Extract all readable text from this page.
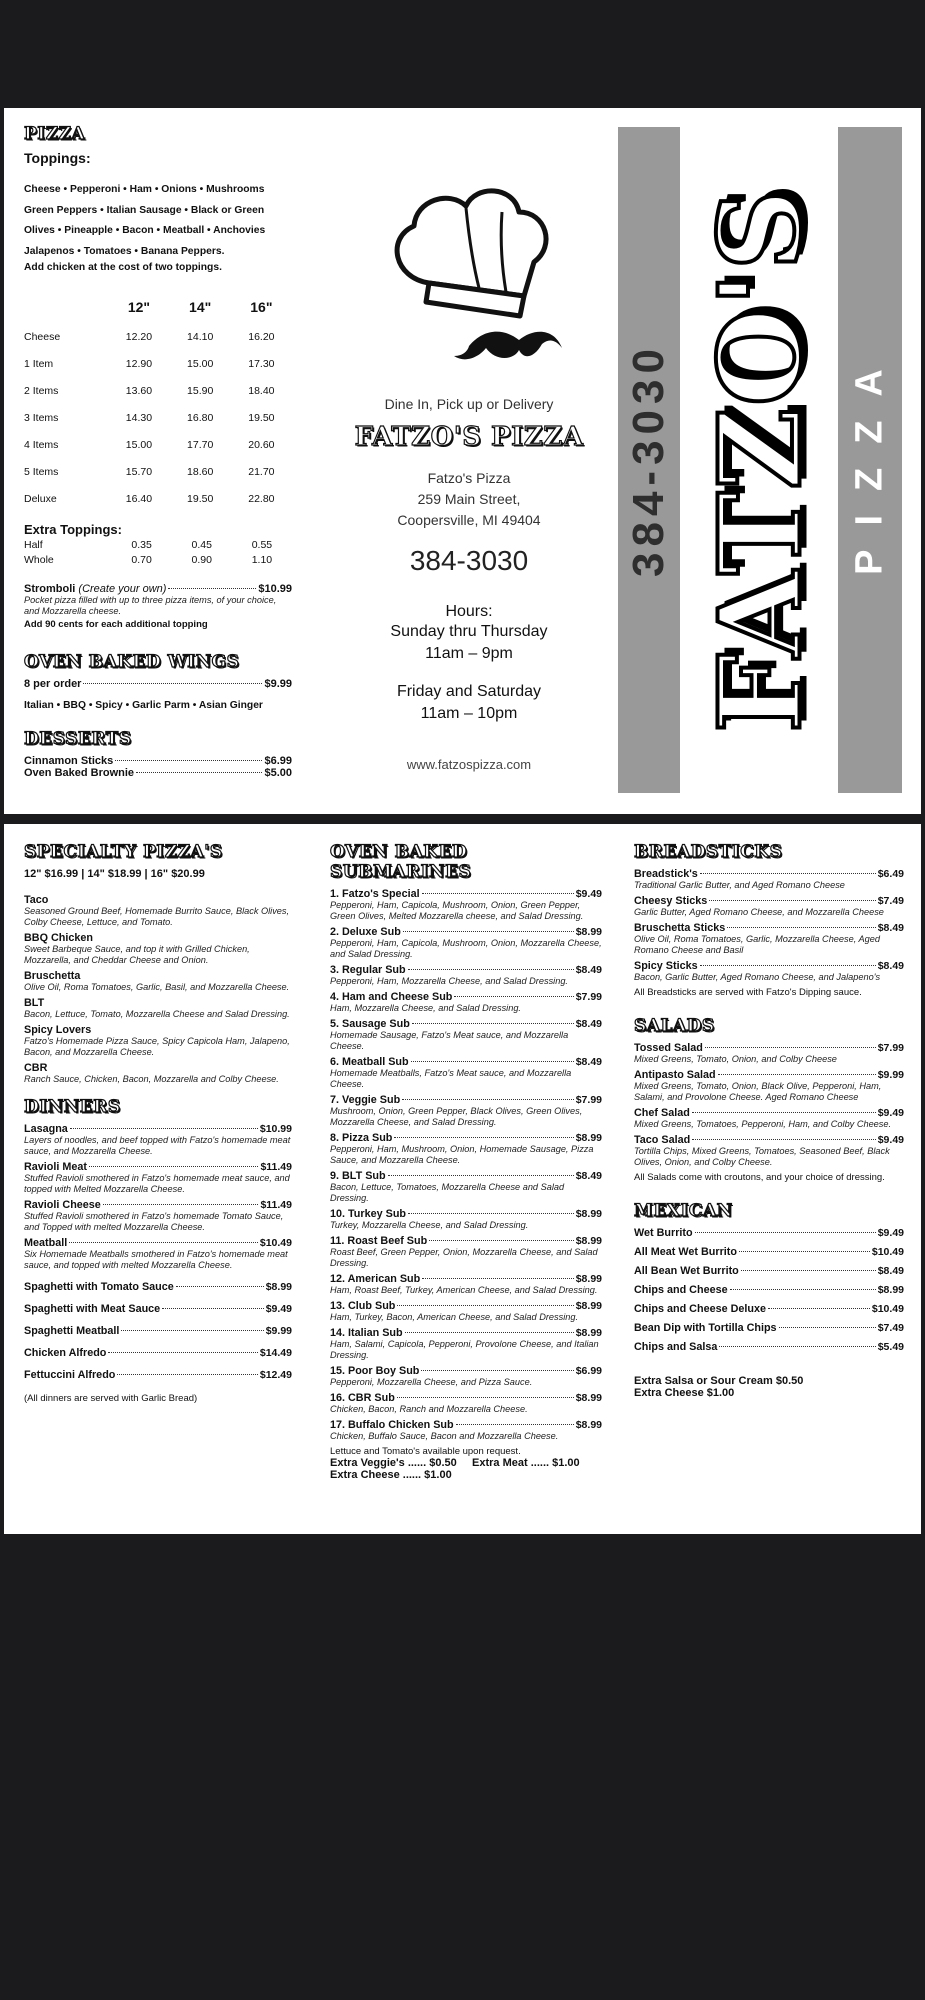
PIZZA
Toppings:
Cheese • Pepperoni • Ham • Onions • Mushrooms Green Peppers • Italian Sausage • Black or Green Olives • Pineapple • Bacon • Meatball • Anchovies Jalapenos • Tomatoes • Banana Peppers.
Add chicken at the cost of two toppings.
	12"	14"	16"
Cheese	12.20	14.10	16.20
1 Item	12.90	15.00	17.30
2 Items	13.60	15.90	18.40
3 Items	14.30	16.80	19.50
4 Items	15.00	17.70	20.60
5 Items	15.70	18.60	21.70
Deluxe	16.40	19.50	22.80
Extra Toppings:
Half	0.35	0.45	0.55
Whole	0.70	0.90	1.10
Stromboli (Create your own)	$10.99
Pocket pizza filled with up to three pizza items, of your choice, and Mozzarella cheese.
Add 90 cents for each additional topping
OVEN BAKED WINGS
8 per order	$9.99
Italian • BBQ • Spicy • Garlic Parm • Asian Ginger
DESSERTS
Cinnamon Sticks	$6.99
Oven Baked Brownie	$5.00
Dine In, Pick up or Delivery
FATZO'S PIZZA
Fatzo's Pizza
259 Main Street,
Coopersville, MI 49404
384-3030
Hours:
Sunday thru Thursday
11am – 9pm
Friday and Saturday
11am – 10pm
www.fatzospizza.com
384-3030 FATZO'S PIZZA
SPECIALTY PIZZA'S
12" $16.99 | 14" $18.99 | 16" $20.99
Taco
Seasoned Ground Beef, Homemade Burrito Sauce, Black Olives, Colby Cheese, Lettuce, and Tomato.
BBQ Chicken
Sweet Barbeque Sauce, and top it with Grilled Chicken, Mozzarella, and Cheddar Cheese and Onion.
Bruschetta
Olive Oil, Roma Tomatoes, Garlic, Basil, and Mozzarella Cheese.
BLT
Bacon, Lettuce, Tomato, Mozzarella Cheese and Salad Dressing.
Spicy Lovers
Fatzo's Homemade Pizza Sauce, Spicy Capicola Ham, Jalapeno, Bacon, and Mozzarella Cheese.
CBR
Ranch Sauce, Chicken, Bacon, Mozzarella and Colby Cheese.
DINNERS
Lasagna	$10.99
Layers of noodles, and beef topped with Fatzo's homemade meat sauce, and Mozzarella Cheese.
Ravioli Meat	$11.49
Stuffed Ravioli smothered in Fatzo's homemade meat sauce, and topped with Melted Mozzarella Cheese.
Ravioli Cheese	$11.49
Stuffed Ravioli smothered in Fatzo's homemade Tomato Sauce, and Topped with melted Mozzarella Cheese.
Meatball	$10.49
Six Homemade Meatballs smothered in Fatzo's homemade meat sauce, and topped with melted Mozzarella Cheese.
Spaghetti with Tomato Sauce	$8.99
Spaghetti with Meat Sauce	$9.49
Spaghetti Meatball	$9.99
Chicken Alfredo	$14.49
Fettuccini Alfredo	$12.49
(All dinners are served with Garlic Bread)
OVEN BAKED SUBMARINES
1. Fatzo's Special	$9.49
Pepperoni, Ham, Capicola, Mushroom, Onion, Green Pepper, Green Olives, Melted Mozzarella cheese, and Salad Dressing.
2. Deluxe Sub	$8.99
Pepperoni, Ham, Capicola, Mushroom, Onion, Mozzarella Cheese, and Salad Dressing.
3. Regular Sub	$8.49
Pepperoni, Ham, Mozzarella Cheese, and Salad Dressing.
4. Ham and Cheese Sub	$7.99
Ham, Mozzarella Cheese, and Salad Dressing.
5. Sausage Sub	$8.49
Homemade Sausage, Fatzo's Meat sauce, and Mozzarella Cheese.
6. Meatball Sub	$8.49
Homemade Meatballs, Fatzo's Meat sauce, and Mozzarella Cheese.
7. Veggie Sub	$7.99
Mushroom, Onion, Green Pepper, Black Olives, Green Olives, Mozzarella Cheese, and Salad Dressing.
8. Pizza Sub	$8.99
Pepperoni, Ham, Mushroom, Onion, Homemade Sausage, Pizza Sauce, and Mozzarella Cheese.
9. BLT Sub	$8.49
Bacon, Lettuce, Tomatoes, Mozzarella Cheese and Salad Dressing.
10. Turkey Sub	$8.99
Turkey, Mozzarella Cheese, and Salad Dressing.
11. Roast Beef Sub	$8.99
Roast Beef, Green Pepper, Onion, Mozzarella Cheese, and Salad Dressing.
12. American Sub	$8.99
Ham, Roast Beef, Turkey, American Cheese, and Salad Dressing.
13. Club Sub	$8.99
Ham, Turkey, Bacon, American Cheese, and Salad Dressing.
14. Italian Sub	$8.99
Ham, Salami, Capicola, Pepperoni, Provolone Cheese, and Italian Dressing.
15. Poor Boy Sub	$6.99
Pepperoni, Mozzarella Cheese, and Pizza Sauce.
16. CBR Sub	$8.99
Chicken, Bacon, Ranch and Mozzarella Cheese.
17. Buffalo Chicken Sub	$8.99
Chicken, Buffalo Sauce, Bacon and Mozzarella Cheese.
Lettuce and Tomato's available upon request.
Extra Veggie's ...... $0.50 Extra Meat ...... $1.00
Extra Cheese ...... $1.00
BREADSTICKS
Breadstick's	$6.49
Traditional Garlic Butter, and Aged Romano Cheese
Cheesy Sticks	$7.49
Garlic Butter, Aged Romano Cheese, and Mozzarella Cheese
Bruschetta Sticks	$8.49
Olive Oil, Roma Tomatoes, Garlic, Mozzarella Cheese, Aged Romano Cheese and Basil
Spicy Sticks	$8.49
Bacon, Garlic Butter, Aged Romano Cheese, and Jalapeno's
All Breadsticks are served with Fatzo's Dipping sauce.
SALADS
Tossed Salad	$7.99
Mixed Greens, Tomato, Onion, and Colby Cheese
Antipasto Salad	$9.99
Mixed Greens, Tomato, Onion, Black Olive, Pepperoni, Ham, Salami, and Provolone Cheese. Aged Romano Cheese
Chef Salad	$9.49
Mixed Greens, Tomatoes, Pepperoni, Ham, and Colby Cheese.
Taco Salad	$9.49
Tortilla Chips, Mixed Greens, Tomatoes, Seasoned Beef, Black Olives, Onion, and Colby Cheese.
All Salads come with croutons, and your choice of dressing.
MEXICAN
Wet Burrito	$9.49
All Meat Wet Burrito	$10.49
All Bean Wet Burrito	$8.49
Chips and Cheese	$8.99
Chips and Cheese Deluxe	$10.49
Bean Dip with Tortilla Chips	$7.49
Chips and Salsa	$5.49
Extra Salsa or Sour Cream $0.50
Extra Cheese $1.00
